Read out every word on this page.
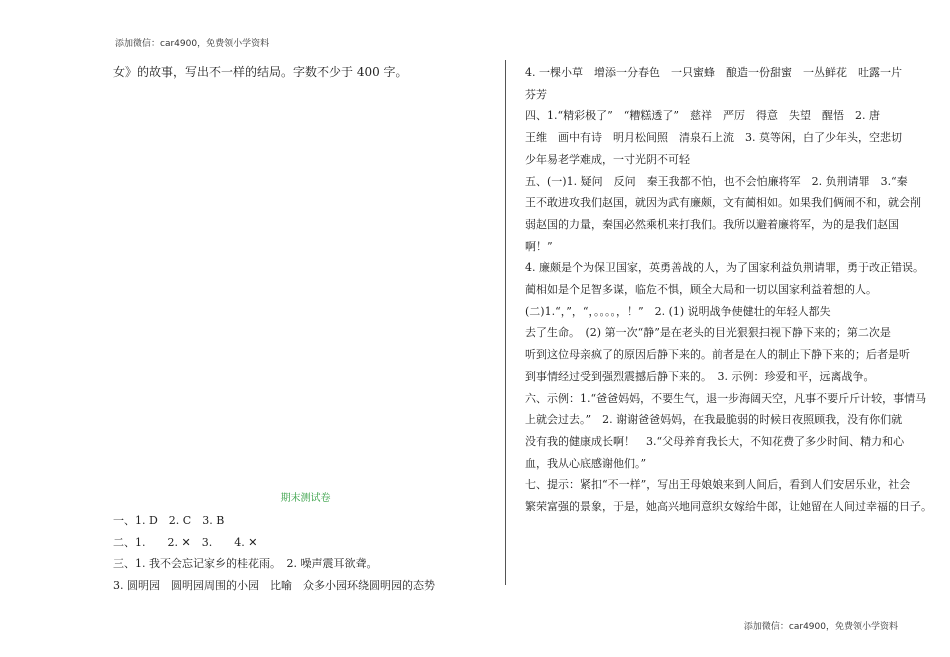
添加微信：car4900，免费领小学资料
女》的故事，写出不一样的结局。字数不少于 400 字。
期末测试卷
一、1. D　2. C　3. B
二、1.　　2. ✕　3.　　4. ✕
三、1. 我不会忘记家乡的桂花雨。　2. 噪声震耳欲聋。
3. 圆明园　圆明园周围的小园　比喻　众多小园环绕圆明园的态势
4. 一棵小草　增添一分春色　一只蜜蜂　酿造一份甜蜜　一丛鲜花　吐露一片
芬芳
四、1.“精彩极了”　“糟糕透了”　慈祥　严厉　得意　失望　醒悟　2. 唐
王维　画中有诗　明月松间照　清泉石上流　3. 莫等闲，白了少年头，空悲切
少年易老学难成，一寸光阴不可轻
五、(一)1. 疑问　反问　秦王我都不怕，也不会怕廉将军　2. 负荆请罪　3.“秦
王不敢进攻我们赵国，就因为武有廉颇，文有蔺相如。如果我们俩闹不和，就会削
弱赵国的力量，秦国必然乘机来打我们。我所以避着廉将军，为的是我们赵国
啊！”
4. 廉颇是个为保卫国家，英勇善战的人，为了国家利益负荆请罪，勇于改正错误。
蔺相如是个足智多谋，临危不惧，顾全大局和一切以国家利益着想的人。
(二)1.“，”，“，。。。。，！”　2. (1) 说明战争使健壮的年轻人都失
去了生命。　(2) 第一次“静”是在老头的目光狠狠扫视下静下来的；第二次是
听到这位母亲疯了的原因后静下来的。前者是在人的制止下静下来的；后者是听
到事情经过受到强烈震撼后静下来的。　3. 示例：珍爱和平，远离战争。
六、示例：1.“爸爸妈妈，不要生气，退一步海阔天空，凡事不要斤斤计较，事情马
上就会过去。”　2. 谢谢爸爸妈妈，在我最脆弱的时候日夜照顾我，没有你们就
没有我的健康成长啊！　3.“父母养育我长大，不知花费了多少时间、精力和心
血，我从心底感谢他们。”
七、提示：紧扣“不一样”，写出王母娘娘来到人间后，看到人们安居乐业，社会
繁荣富强的景象，于是，她高兴地同意织女嫁给牛郎，让她留在人间过幸福的日子。
添加微信：car4900，免费领小学资料
